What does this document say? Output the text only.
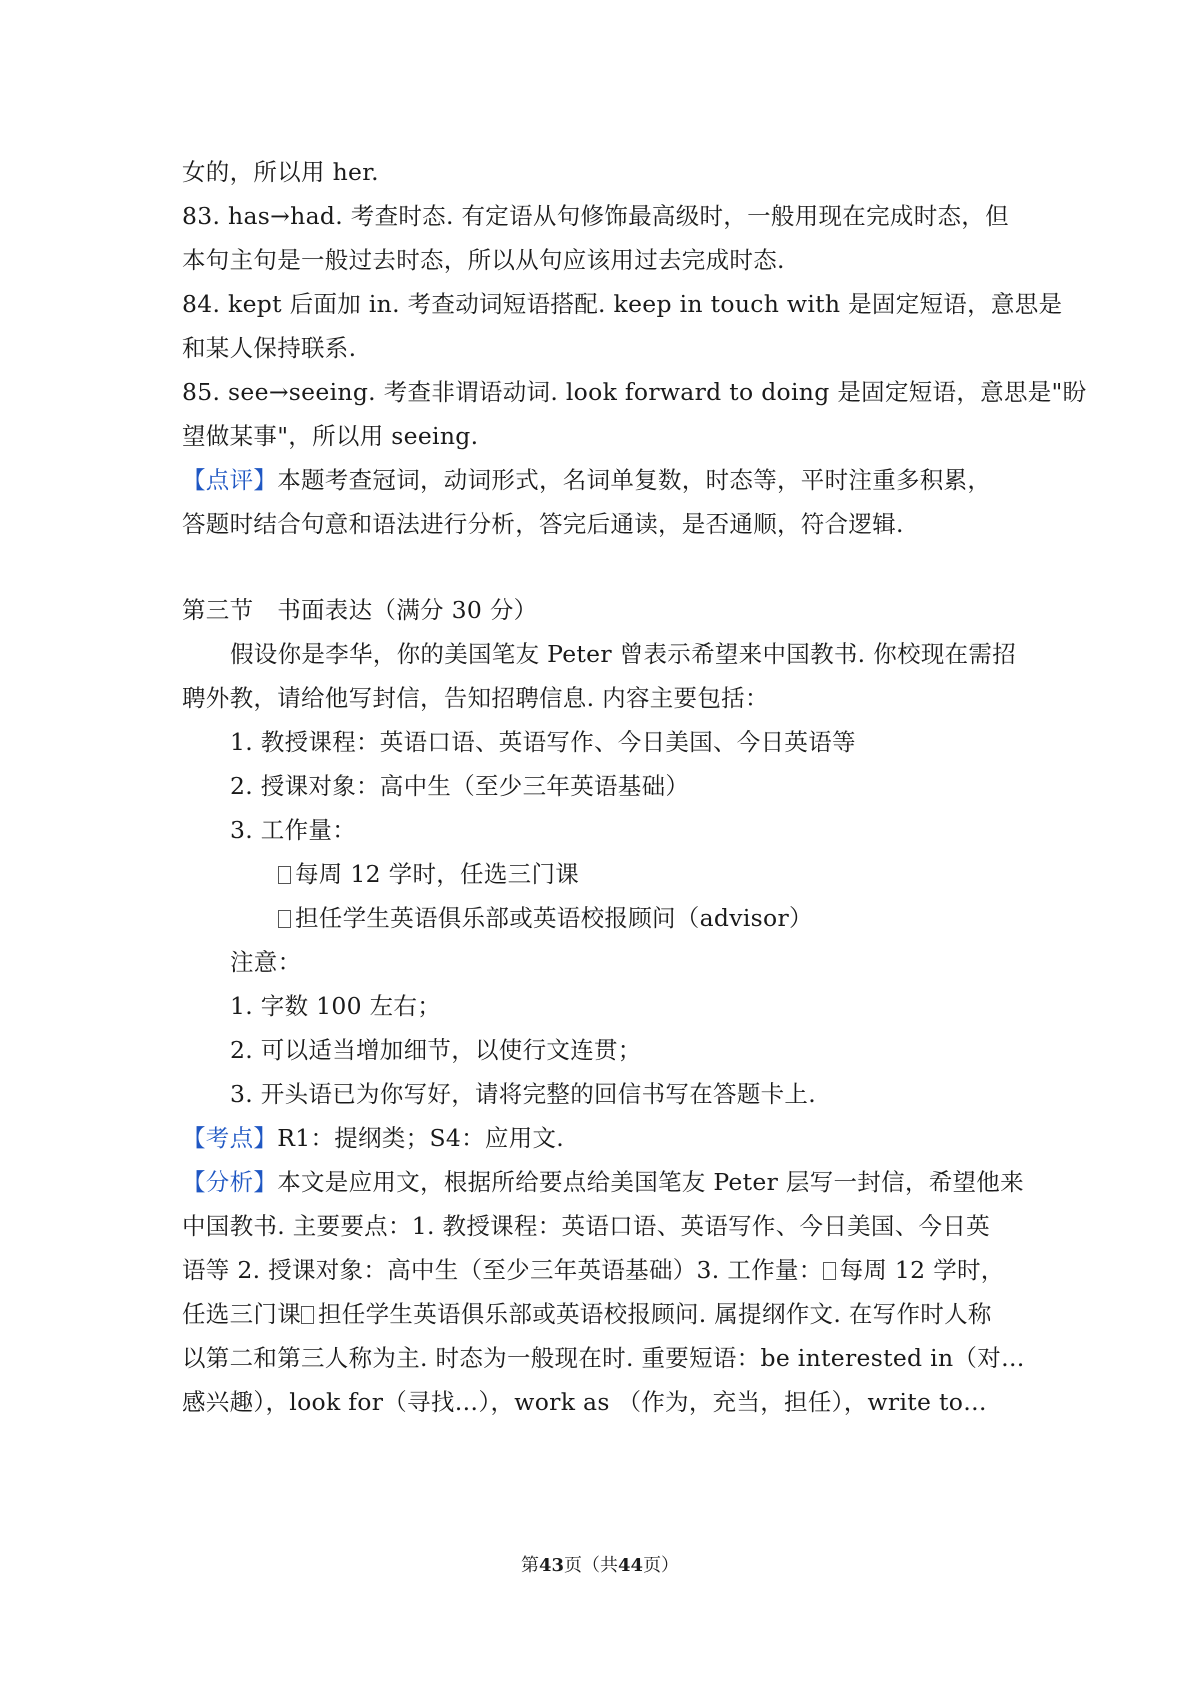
女的，所以用 her.
83. has→had. 考查时态. 有定语从句修饰最高级时，一般用现在完成时态，但
本句主句是一般过去时态，所以从句应该用过去完成时态.
84. kept 后面加 in. 考查动词短语搭配. keep in touch with 是固定短语，意思是
和某人保持联系.
85. see→seeing. 考查非谓语动词. look forward to doing 是固定短语，意思是"盼
望做某事"，所以用 seeing.
【点评】本题考查冠词，动词形式，名词单复数，时态等，平时注重多积累，
答题时结合句意和语法进行分析，答完后通读，是否通顺，符合逻辑.
第三节　书面表达（满分 30 分）
假设你是李华，你的美国笔友 Peter 曾表示希望来中国教书. 你校现在需招
聘外教，请给他写封信，告知招聘信息. 内容主要包括：
1. 教授课程：英语口语、英语写作、今日美国、今日英语等
2. 授课对象：高中生（至少三年英语基础）
3. 工作量：
每周 12 学时，任选三门课
担任学生英语俱乐部或英语校报顾问（advisor）
注意：
1. 字数 100 左右；
2. 可以适当增加细节，以使行文连贯；
3. 开头语已为你写好，请将完整的回信书写在答题卡上.
【考点】R1：提纲类；S4：应用文.
【分析】本文是应用文，根据所给要点给美国笔友 Peter 层写一封信，希望他来
中国教书. 主要要点：1. 教授课程：英语口语、英语写作、今日美国、今日英
语等 2. 授课对象：高中生（至少三年英语基础）3. 工作量： 每周 12 学时，
任选三门课 担任学生英语俱乐部或英语校报顾问. 属提纲作文. 在写作时人称
以第二和第三人称为主. 时态为一般现在时. 重要短语：be interested in（对…
感兴趣），look for（寻找…），work as （作为，充当，担任），write to…
第43页（共44页）
